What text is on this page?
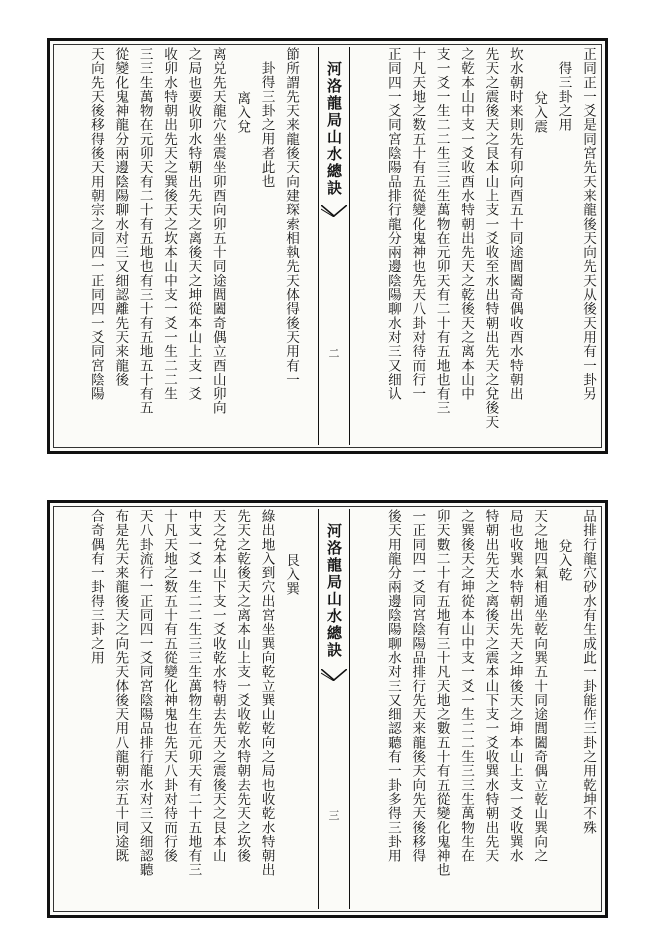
正同正一爻是同宮先天来龍後天向先天从後天用有一卦另
得三卦之用
兌入震
坎水朝时来則先有卯向酉五十同途閭闔奇偶收酉水特朝出
先天之震後天之艮本山上支一爻收至水出特朝出先天之兌後天
之乾本山中支一爻收酉水特朝出先天之乾後天之离本山中
支一爻一生二二生三三生萬物在元卯天有二十有五地也有三
十凡天地之数五十有五從變化鬼神也先天八卦对待而行一
正同四一爻同宮陰陽品排行龍分兩邊陰陽聊水对三又细认
河洛龍局山水總訣
二
節所謂先天来龍後天向建琛索相執先天体得後天用有一
卦得三卦之用者此也
离入兌
离兑先天龍穴坐震坐卯酉向卯五十同途閭闔奇偶立酉山卯向
之局也要收卯水特朝出先天之离後天之坤從本山上支一爻
收卯水特朝出先天之巽後天之坎本山中支一爻一生二二生
三三生萬物在元卯天有二十有五地也有三十有五地五十有五
從變化鬼神龍分兩邊陰陽聊水对三又细認離先天来龍後
天向先天後移得後天用朝宗之同四一正同四一爻同宮陰陽
品排行龍穴砂水有生成此一卦能作三卦之用乾坤不殊
兌入乾
天之地四氣相通坐乾向巽五十同途閭闔奇偶立乾山巽向之
局也收巽水特朝出先天之坤後天之坤本山上支一爻收巽水
特朝出先天之离後天之震本山下支一爻收巽水特朝出先天
之巽後天之坤從本山中支一爻一生二二生三三生萬物生在
卯天數二十有五地有三十凡天地之數五十有五從變化鬼神也
一正同四一爻同宮陰陽品排行先天来龍後天向先天後移得
後天用龍分兩邊陰陽聊水对三又细認聽有一卦多得三卦用
河洛龍局山水總訣
三
艮入巽
綠出地入到穴出宮坐巽向乾立巽山乾向之局也收乾水特朝出
先天之乾後天之离本山上支一爻收乾水特朝去先天之坎後
天之兌本山下支一爻收乾水特朝去先天之震後天之艮本山
中支一爻一生二二生三三生萬物生在元卯天有二十五地有三
十凡天地之数五十有五從變化神鬼也先天八卦对待而行後
天八卦流行一正同四一爻同宮陰陽品排行龍水对三又细認聽
布是先天来龍後天之向先天体後天用八龍朝宗五十同途既
合奇偶有一卦得三卦之用
